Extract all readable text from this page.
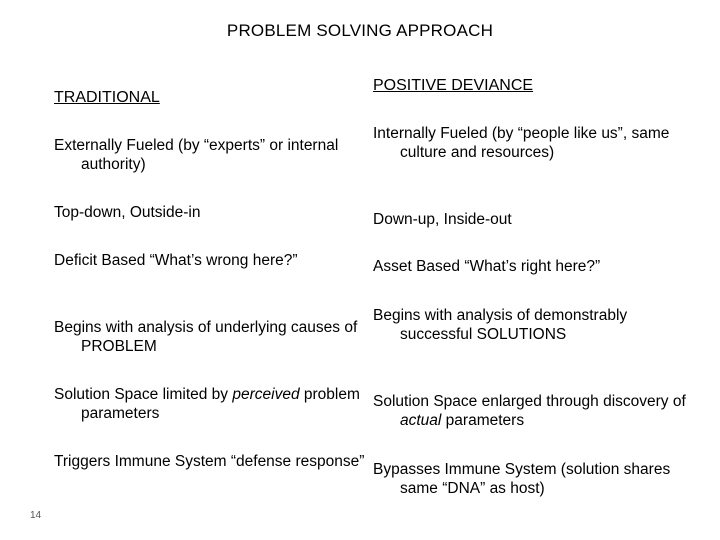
PROBLEM SOLVING APPROACH
TRADITIONAL
POSITIVE DEVIANCE
Externally Fueled (by “experts” or internal authority)
Internally Fueled (by “people like us”, same culture and resources)
Top-down, Outside-in	Down-up, Inside-out
Deficit Based “What’s wrong here?”	Asset Based “What’s right here?”
Begins with analysis of underlying causes of PROBLEM
Begins with analysis of demonstrably successful SOLUTIONS
Solution Space limited by perceived problem parameters
Solution Space enlarged through discovery of actual parameters
Triggers Immune System “defense response” Bypasses Immune System (solution shares same “DNA” as host)
14
